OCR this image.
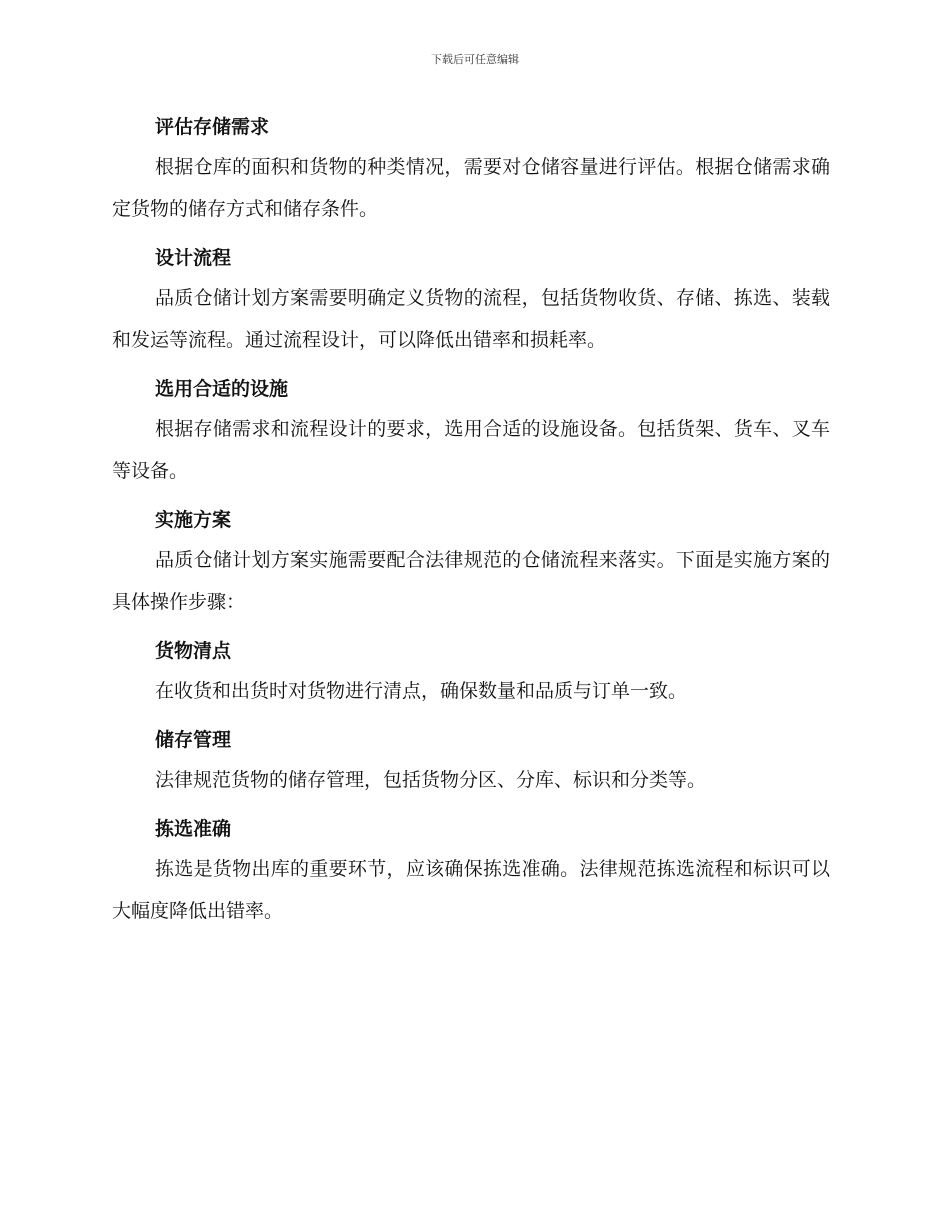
下载后可任意编辑
评估存储需求

根据仓库的面积和货物的种类情况，需要对仓储容量进行评估。根据仓储需求确定货物的储存方式和储存条件。

设计流程

品质仓储计划方案需要明确定义货物的流程，包括货物收货、存储、拣选、装载和发运等流程。通过流程设计，可以降低出错率和损耗率。

选用合适的设施

根据存储需求和流程设计的要求，选用合适的设施设备。包括货架、货车、叉车等设备。

实施方案

品质仓储计划方案实施需要配合法律规范的仓储流程来落实。下面是实施方案的具体操作步骤：

货物清点

在收货和出货时对货物进行清点，确保数量和品质与订单一致。

储存管理

法律规范货物的储存管理，包括货物分区、分库、标识和分类等。

拣选准确

拣选是货物出库的重要环节，应该确保拣选准确。法律规范拣选流程和标识可以大幅度降低出错率。
